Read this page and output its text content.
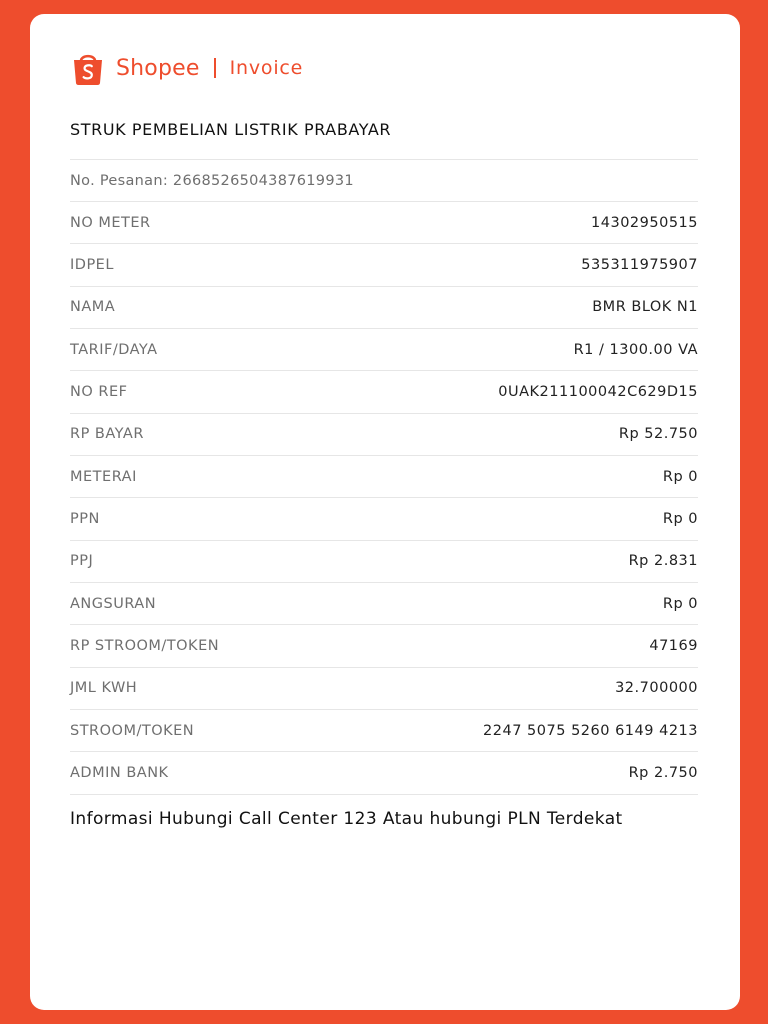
Shopee Invoice
STRUK PEMBELIAN LISTRIK PRABAYAR
No. Pesanan: 2668526504387619931
NO METER	14302950515
IDPEL	535311975907
NAMA	BMR BLOK N1
TARIF/DAYA	R1 / 1300.00 VA
NO REF	0UAK211100042C629D15
RP BAYAR	Rp 52.750
METERAI	Rp 0
PPN	Rp 0
PPJ	Rp 2.831
ANGSURAN	Rp 0
RP STROOM/TOKEN	47169
JML KWH	32.700000
STROOM/TOKEN	2247 5075 5260 6149 4213
ADMIN BANK	Rp 2.750
Informasi Hubungi Call Center 123 Atau hubungi PLN Terdekat
